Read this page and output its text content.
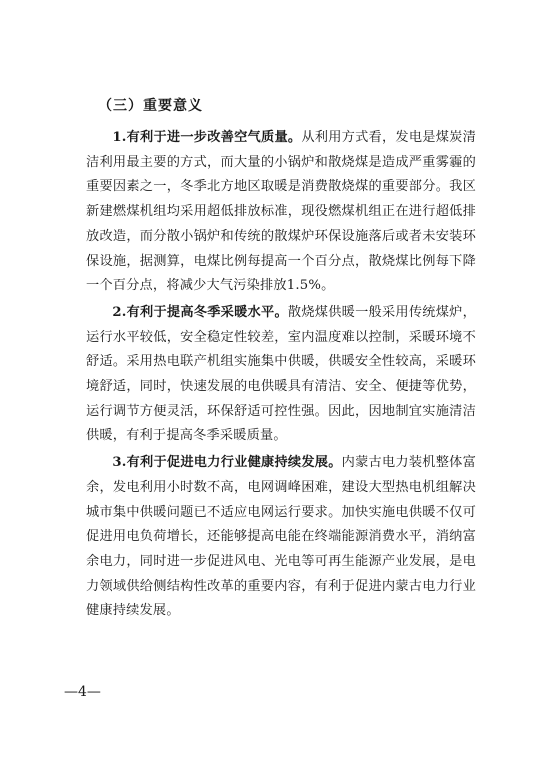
（三）重要意义

1.有利于进一步改善空气质量。从利用方式看，发电是煤炭清洁利用最主要的方式，而大量的小锅炉和散烧煤是造成严重雾霾的重要因素之一，冬季北方地区取暖是消费散烧煤的重要部分。我区新建燃煤机组均采用超低排放标准，现役燃煤机组正在进行超低排放改造，而分散小锅炉和传统的散煤炉环保设施落后或者未安装环保设施，据测算，电煤比例每提高一个百分点，散烧煤比例每下降一个百分点，将减少大气污染排放1.5%。

2.有利于提高冬季采暖水平。散烧煤供暖一般采用传统煤炉，运行水平较低，安全稳定性较差，室内温度难以控制，采暖环境不舒适。采用热电联产机组实施集中供暖，供暖安全性较高，采暖环境舒适，同时，快速发展的电供暖具有清洁、安全、便捷等优势，运行调节方便灵活，环保舒适可控性强。因此，因地制宜实施清洁供暖，有利于提高冬季采暖质量。

3.有利于促进电力行业健康持续发展。内蒙古电力装机整体富余，发电利用小时数不高，电网调峰困难，建设大型热电机组解决城市集中供暖问题已不适应电网运行要求。加快实施电供暖不仅可促进用电负荷增长，还能够提高电能在终端能源消费水平，消纳富余电力，同时进一步促进风电、光电等可再生能源产业发展，是电力领域供给侧结构性改革的重要内容，有利于促进内蒙古电力行业健康持续发展。

—4—
